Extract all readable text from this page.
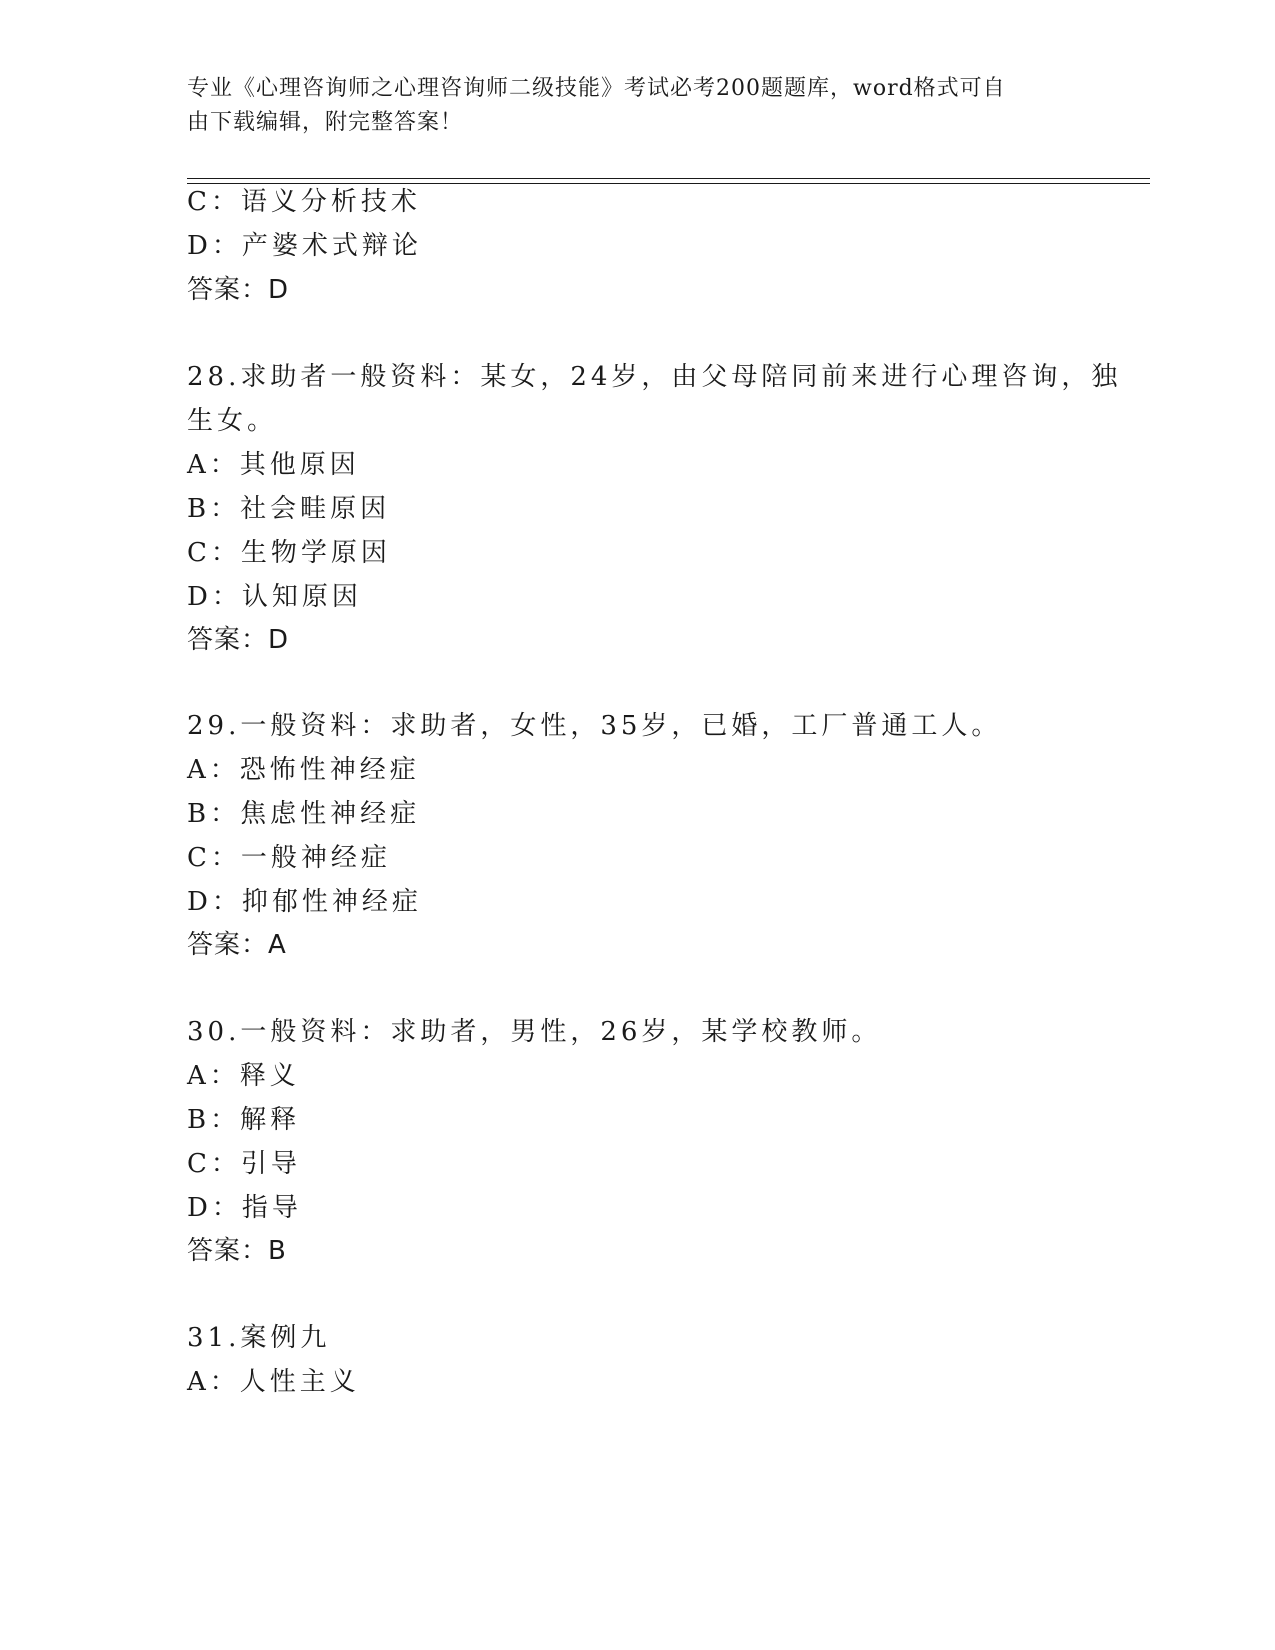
专业《心理咨询师之心理咨询师二级技能》考试必考200题题库，word格式可自
由下载编辑，附完整答案！
C：语义分析技术
D：产婆术式辩论
答案：D
28.求助者一般资料：某女，24岁，由父母陪同前来进行心理咨询，独
生女。
A：其他原因
B：社会畦原因
C：生物学原因
D：认知原因
答案：D
29.一般资料：求助者，女性，35岁，已婚，工厂普通工人。
A：恐怖性神经症
B：焦虑性神经症
C：一般神经症
D：抑郁性神经症
答案：A
30.一般资料：求助者，男性，26岁，某学校教师。
A：释义
B：解释
C：引导
D：指导
答案：B
31.案例九
A：人性主义
